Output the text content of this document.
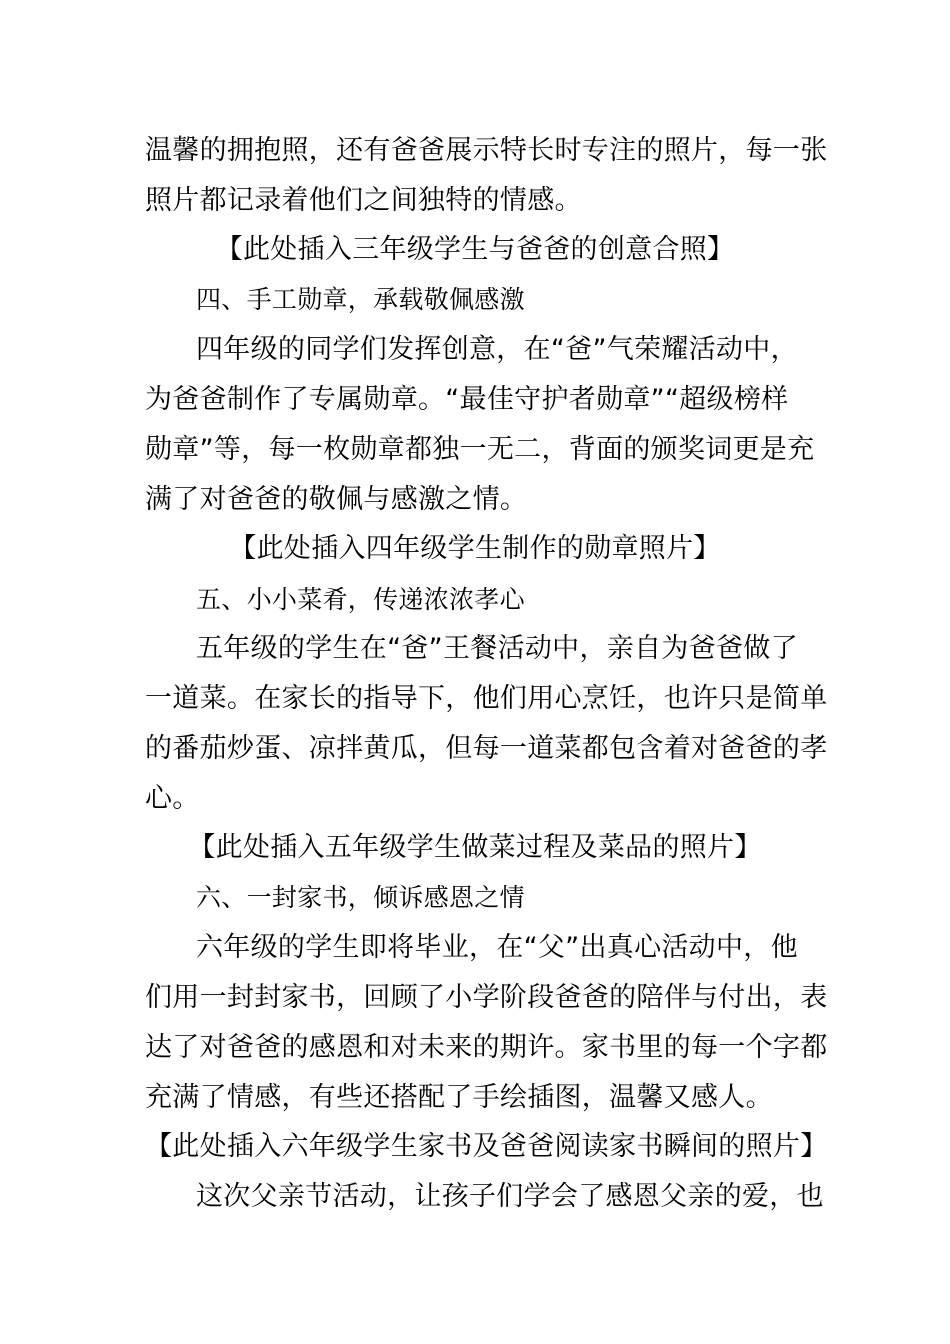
温馨的拥抱照，还有爸爸展示特长时专注的照片，每一张
照片都记录着他们之间独特的情感。
【此处插入三年级学生与爸爸的创意合照】
四、手工勋章，承载敬佩感激
四年级的同学们发挥创意，在“爸”气荣耀活动中，
为爸爸制作了专属勋章。“最佳守护者勋章”“超级榜样
勋章”等，每一枚勋章都独一无二，背面的颁奖词更是充
满了对爸爸的敬佩与感激之情。
【此处插入四年级学生制作的勋章照片】
五、小小菜肴，传递浓浓孝心
五年级的学生在“爸”王餐活动中，亲自为爸爸做了
一道菜。在家长的指导下，他们用心烹饪，也许只是简单
的番茄炒蛋、凉拌黄瓜，但每一道菜都包含着对爸爸的孝
心。
【此处插入五年级学生做菜过程及菜品的照片】
六、一封家书，倾诉感恩之情
六年级的学生即将毕业，在“父”出真心活动中，他
们用一封封家书，回顾了小学阶段爸爸的陪伴与付出，表
达了对爸爸的感恩和对未来的期许。家书里的每一个字都
充满了情感，有些还搭配了手绘插图，温馨又感人。
【此处插入六年级学生家书及爸爸阅读家书瞬间的照片】
这次父亲节活动，让孩子们学会了感恩父亲的爱，也
